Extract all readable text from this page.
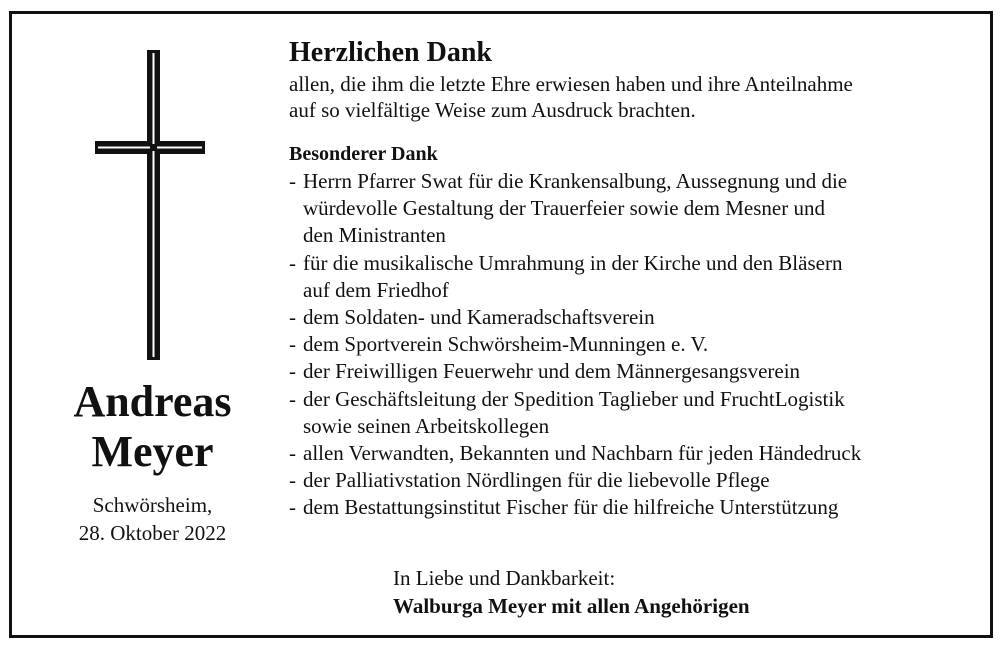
Andreas
Meyer
Schwörsheim,
28. Oktober 2022
Herzlichen Dank
allen, die ihm die letzte Ehre erwiesen haben und ihre Anteilnahme
auf so vielfältige Weise zum Ausdruck brachten.
Besonderer Dank
- Herrn Pfarrer Swat für die Krankensalbung, Aussegnung und die
würdevolle Gestaltung der Trauerfeier sowie dem Mesner und
den Ministranten
- für die musikalische Umrahmung in der Kirche und den Bläsern
auf dem Friedhof
- dem Soldaten- und Kameradschaftsverein
- dem Sportverein Schwörsheim-Munningen e. V.
- der Freiwilligen Feuerwehr und dem Männergesangsverein
- der Geschäftsleitung der Spedition Taglieber und FruchtLogistik
sowie seinen Arbeitskollegen
- allen Verwandten, Bekannten und Nachbarn für jeden Händedruck
- der Palliativstation Nördlingen für die liebevolle Pflege
- dem Bestattungsinstitut Fischer für die hilfreiche Unterstützung
In Liebe und Dankbarkeit:
Walburga Meyer mit allen Angehörigen
